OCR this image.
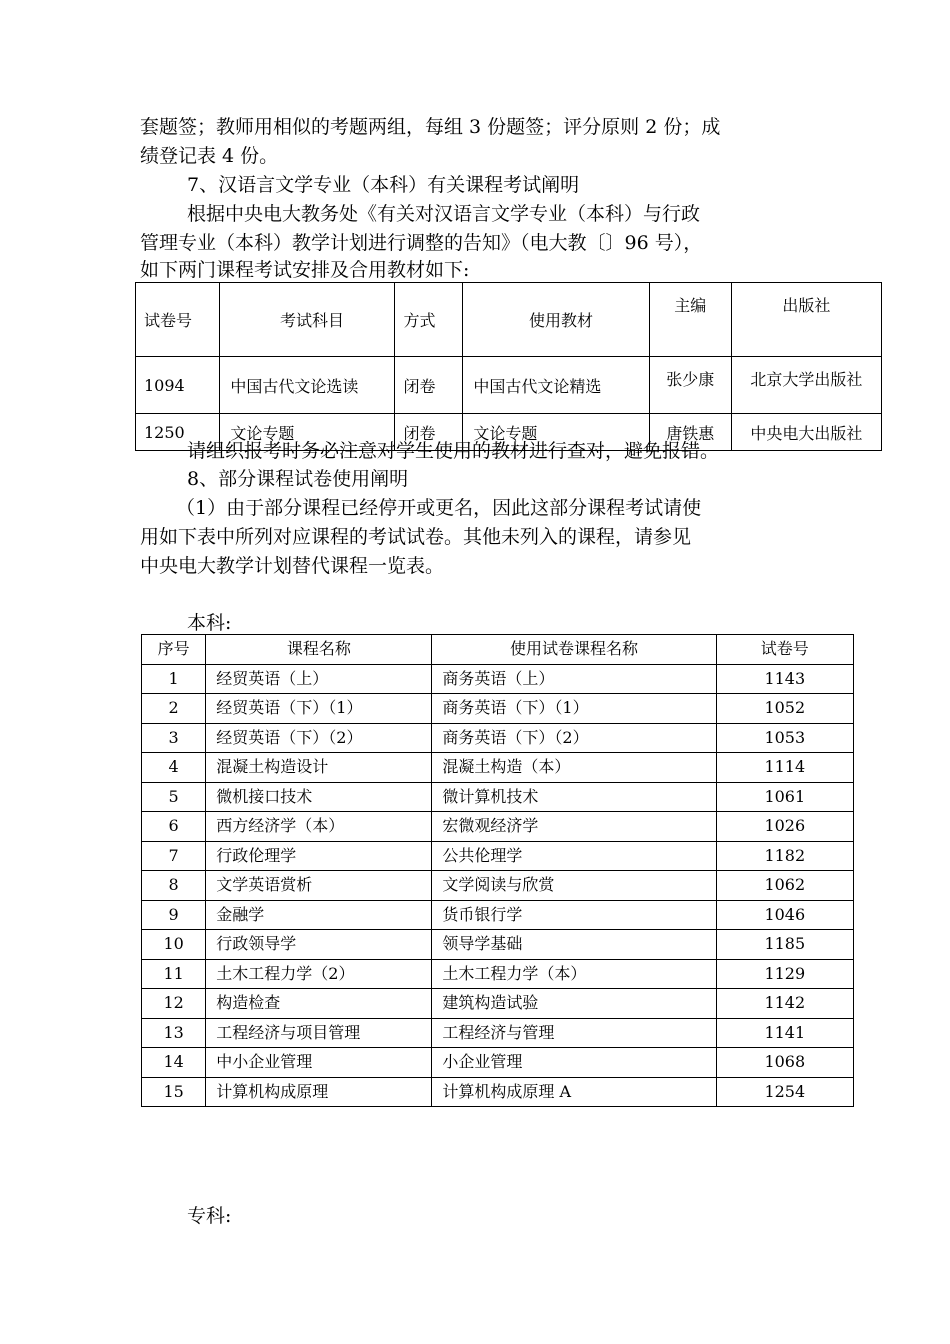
套题签；教师用相似的考题两组，每组 3 份题签；评分原则 2 份；成
绩登记表 4 份。
7、汉语言文学专业（本科）有关课程考试阐明
根据中央电大教务处《有关对汉语言文学专业（本科）与行政
管理专业（本科）教学计划进行调整的告知》（电大教〔〕96 号），
如下两门课程考试安排及合用教材如下:
试卷号	考试科目	方式	使用教材	主编	出版社
1094	中国古代文论选读	闭卷	中国古代文论精选	张少康	北京大学出版社
1250	文论专题	闭卷	文论专题	唐铁惠	中央电大出版社
请组织报考时务必注意对学生使用的教材进行查对，避免报错。
8、部分课程试卷使用阐明
（1）由于部分课程已经停开或更名，因此这部分课程考试请使
用如下表中所列对应课程的考试试卷。其他未列入的课程，请参见
中央电大教学计划替代课程一览表。
本科:
序号	课程名称	使用试卷课程名称	试卷号
1	经贸英语（上）	商务英语（上）	1143
2	经贸英语（下）（1）	商务英语（下）（1）	1052
3	经贸英语（下）（2）	商务英语（下）（2）	1053
4	混凝土构造设计	混凝土构造（本）	1114
5	微机接口技术	微计算机技术	1061
6	西方经济学（本）	宏微观经济学	1026
7	行政伦理学	公共伦理学	1182
8	文学英语赏析	文学阅读与欣赏	1062
9	金融学	货币银行学	1046
10	行政领导学	领导学基础	1185
11	土木工程力学（2）	土木工程力学（本）	1129
12	构造检查	建筑构造试验	1142
13	工程经济与项目管理	工程经济与管理	1141
14	中小企业管理	小企业管理	1068
15	计算机构成原理	计算机构成原理 A	1254
专科:
